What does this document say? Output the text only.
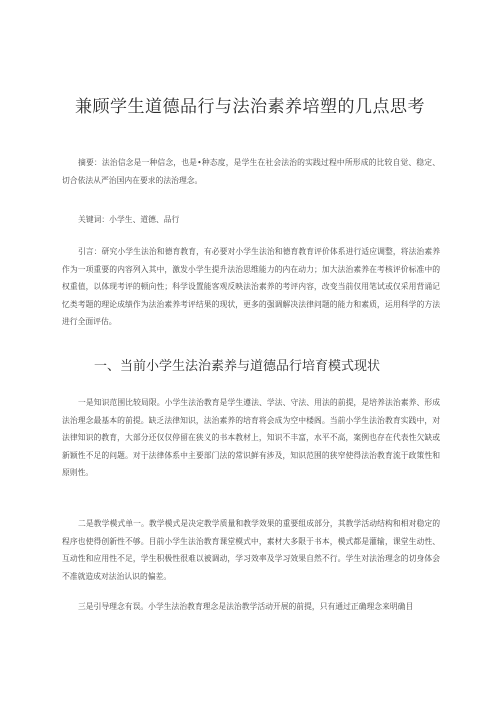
兼顾学生道德品行与法治素养培塑的几点思考
摘要：法治信念是一种信念，也是•种态度，是学生在社会法治的实践过程中所形成的比较自觉、稳定、切合依法从严治国内在要求的法治理念。
关键词：小学生、道德、品行
引言：研究小学生法治和德育教育，有必要对小学生法治和德育教育评价体系进行适应调整，将法治素养作为一项重要的内容列入其中，激发小学生提升法治思维能力的内在动力；加大法治素养在考核评价标准中的权重值，以体现考评的顿向性；科学设置能客观反映法治素养的考评内容，改变当前仅用笔试或仅采用背诵记忆类考题的理论成绩作为法治素养考评结果的现状，更多的强调解决法律问题的能力和素质，运用科学的方法进行全面评估。
一、当前小学生法治素养与道德品行培育模式现状
一是知识范围比较局限。小学生法治教育是学生遵法、学法、守法、用法的前提，是培养法治素养、形成法治理念最基本的前提。缺乏法律知识，法治素养的培育将会成为空中楼阁。当前小学生法治教育实践中，对法律知识的教育，大部分还仅仅停留在狭义的书本教材上，知识不丰富，水平不高，案例也存在代表性欠缺或新颖性不足的问题。对于法律体系中主要部门法的常识鲜有涉及，知识范围的狭窄使得法治教育流于政策性和原则性。
二是教学模式单一。教学模式是决定教学质量和教学效果的重要组成部分，其教学活动结构和相对稳定的程序也使得创新性不够。目前小学生法治教育课堂模式中，素材大多限于书本，模式都是灌输，课堂生动性、互动性和应用性不足，学生积极性很难以被调动，学习效率及学习效果自然不行。学生对法治理念的切身体会不准就造成对法治认识的偏差。
三是引导理念有误。小学生法治教育理念是法治教学活动开展的前提，只有通过正确理念来明确目
